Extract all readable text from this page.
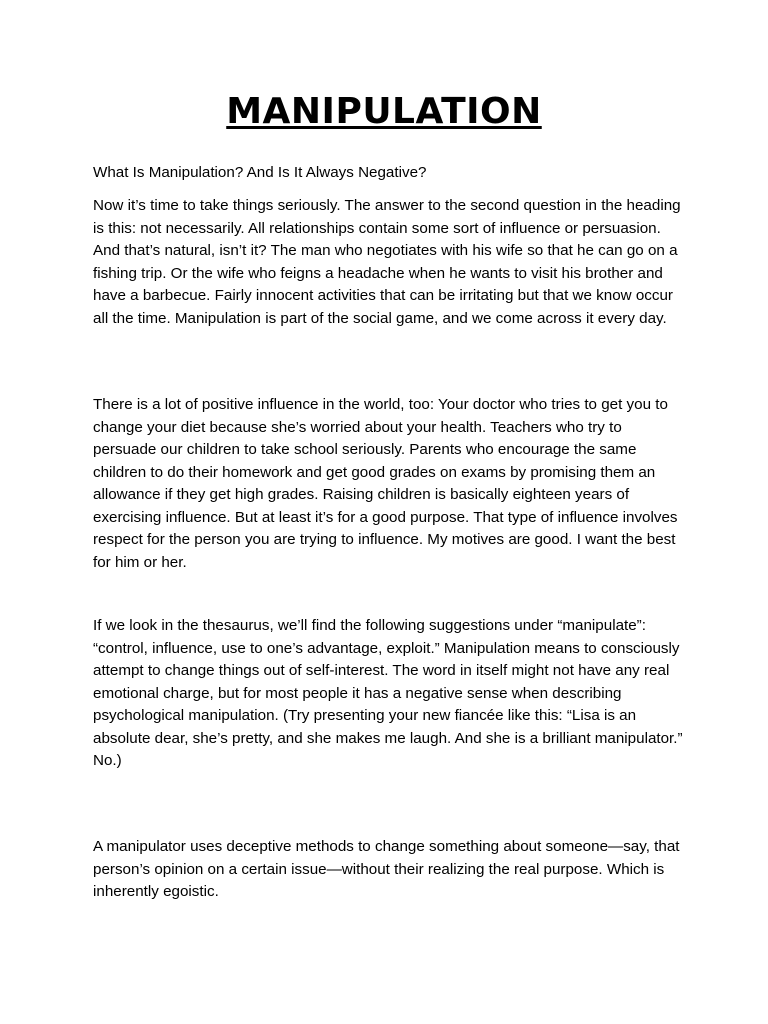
MANIPULATION

What Is Manipulation? And Is It Always Negative?

Now it’s time to take things seriously. The answer to the second question in the heading is this: not necessarily. All relationships contain some sort of influence or persuasion. And that’s natural, isn’t it? The man who negotiates with his wife so that he can go on a fishing trip. Or the wife who feigns a headache when he wants to visit his brother and have a barbecue. Fairly innocent activities that can be irritating but that we know occur all the time. Manipulation is part of the social game, and we come across it every day.

There is a lot of positive influence in the world, too: Your doctor who tries to get you to change your diet because she’s worried about your health. Teachers who try to persuade our children to take school seriously. Parents who encourage the same children to do their homework and get good grades on exams by promising them an allowance if they get high grades. Raising children is basically eighteen years of exercising influence. But at least it’s for a good purpose. That type of influence involves respect for the person you are trying to influence. My motives are good. I want the best for him or her.

If we look in the thesaurus, we’ll find the following suggestions under “manipulate”: “control, influence, use to one’s advantage, exploit.” Manipulation means to consciously attempt to change things out of self-interest. The word in itself might not have any real emotional charge, but for most people it has a negative sense when describing psychological manipulation. (Try presenting your new fiancée like this: “Lisa is an absolute dear, she’s pretty, and she makes me laugh. And she is a brilliant manipulator.” No.)

A manipulator uses deceptive methods to change something about someone—say, that person’s opinion on a certain issue—without their realizing the real purpose. Which is inherently egoistic.
